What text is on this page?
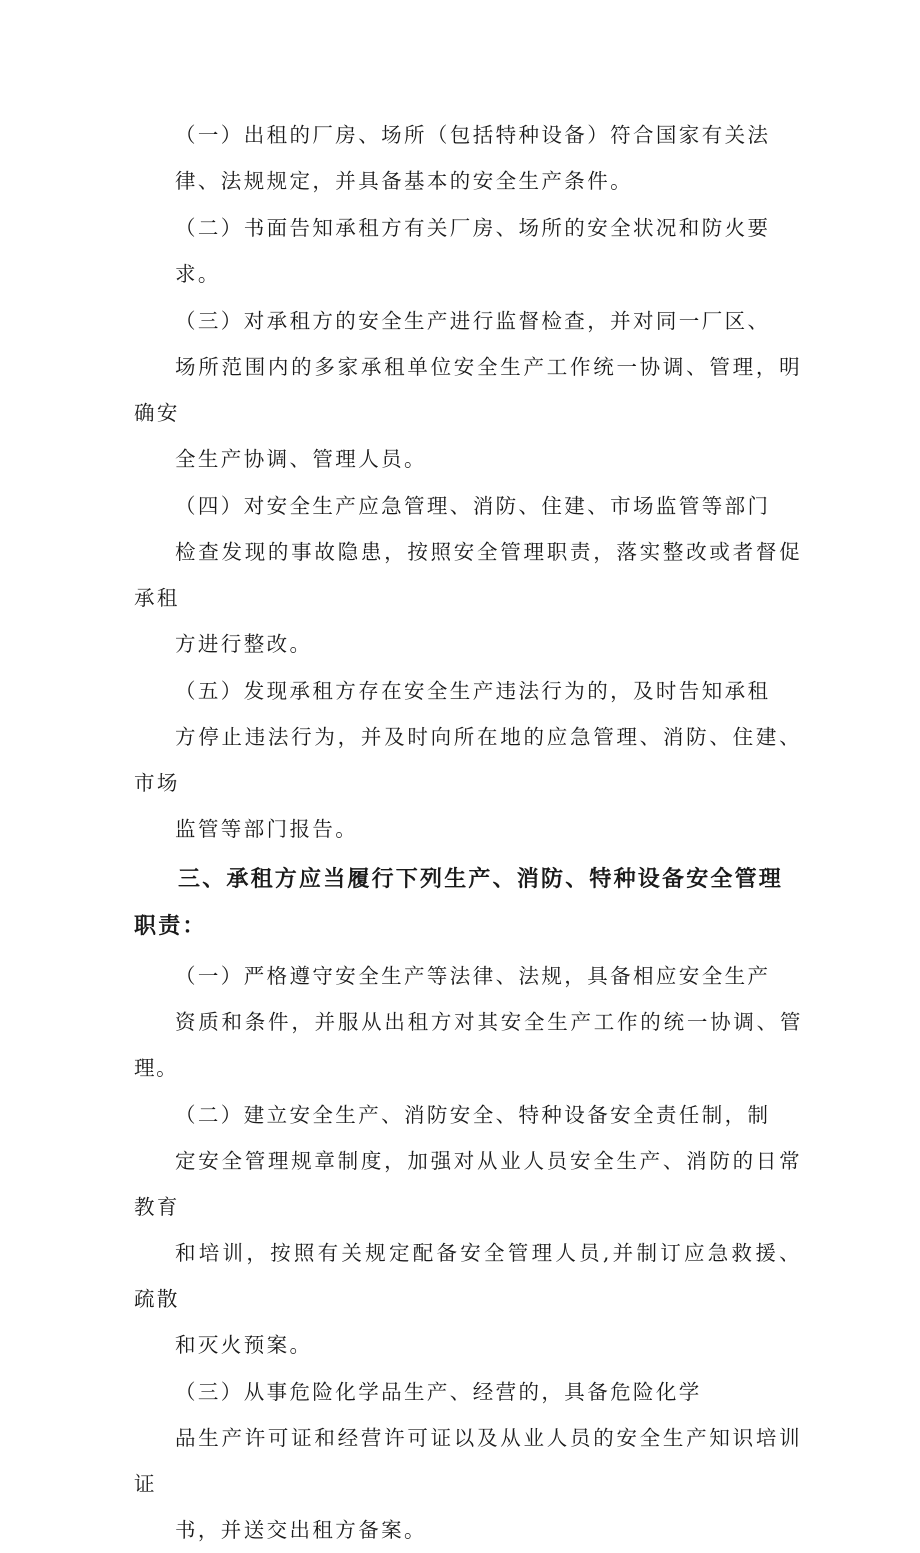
（一）出租的厂房、场所（包括特种设备）符合国家有关法
律、法规规定，并具备基本的安全生产条件。

（二）书面告知承租方有关厂房、场所的安全状况和防火要
求。

（三）对承租方的安全生产进行监督检查，并对同一厂区、
场所范围内的多家承租单位安全生产工作统一协调、管理，明确安
全生产协调、管理人员。

（四）对安全生产应急管理、消防、住建、市场监管等部门
检查发现的事故隐患，按照安全管理职责，落实整改或者督促承租
方进行整改。

（五）发现承租方存在安全生产违法行为的，及时告知承租
方停止违法行为，并及时向所在地的应急管理、消防、住建、市场
监管等部门报告。

三、承租方应当履行下列生产、消防、特种设备安全管理
职责：

（一）严格遵守安全生产等法律、法规，具备相应安全生产
资质和条件，并服从出租方对其安全生产工作的统一协调、管理。

（二）建立安全生产、消防安全、特种设备安全责任制，制
定安全管理规章制度，加强对从业人员安全生产、消防的日常教育
和培训，按照有关规定配备安全管理人员,并制订应急救援、疏散
和灭火预案。

（三）从事危险化学品生产、经营的，具备危险化学
品生产许可证和经营许可证以及从业人员的安全生产知识培训证
书，并送交出租方备案。
